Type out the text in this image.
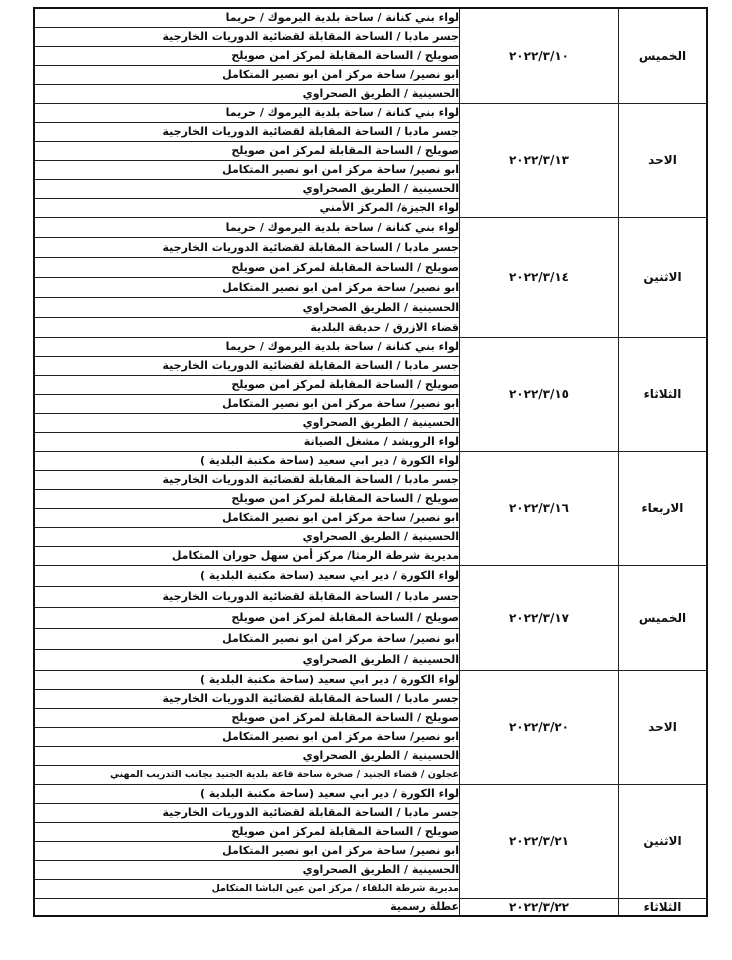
الخميس	٢٠٢٢/٣/١٠	لواء بني كنانة / ساحة بلدية اليرموك / حريما
		جسر مادبا / الساحة المقابلة لقضائية الدوريات الخارجية
		صويلح / الساحة المقابلة لمركز امن صويلح
		ابو نصير/ ساحة مركز امن ابو نصير المتكامل
		الحسينية / الطريق الصحراوي
الاحد	٢٠٢٢/٣/١٣	لواء بني كنانة / ساحة بلدية اليرموك / حريما
		جسر مادبا / الساحة المقابلة لقضائية الدوريات الخارجية
		صويلح / الساحة المقابلة لمركز امن صويلح
		ابو نصير/ ساحة مركز امن ابو نصير المتكامل
		الحسينية / الطريق الصحراوي
		لواء الجيزة/ المركز الأمني
الاثنين	٢٠٢٢/٣/١٤	لواء بني كنانة / ساحة بلدية اليرموك / حريما
		جسر مادبا / الساحة المقابلة لقضائية الدوريات الخارجية
		صويلح / الساحة المقابلة لمركز امن صويلح
		ابو نصير/ ساحة مركز امن ابو نصير المتكامل
		الحسينية / الطريق الصحراوي
		قضاء الازرق / حديقة البلدية
الثلاثاء	٢٠٢٢/٣/١٥	لواء بني كنانة / ساحة بلدية اليرموك / حريما
		جسر مادبا / الساحة المقابلة لقضائية الدوريات الخارجية
		صويلح / الساحة المقابلة لمركز امن صويلح
		ابو نصير/ ساحة مركز امن ابو نصير المتكامل
		الحسينية / الطريق الصحراوي
		لواء الرويشد / مشغل الصيانة
الاربعاء	٢٠٢٢/٣/١٦	لواء الكورة / دير ابي سعيد (ساحة مكتبة البلدية )
		جسر مادبا / الساحة المقابلة لقضائية الدوريات الخارجية
		صويلح / الساحة المقابلة لمركز امن صويلح
		ابو نصير/ ساحة مركز امن ابو نصير المتكامل
		الحسينية / الطريق الصحراوي
		مديرية شرطة الرمثا/ مركز أمن سهل حوران المتكامل
الخميس	٢٠٢٢/٣/١٧	لواء الكورة / دير ابي سعيد (ساحة مكتبة البلدية )
		جسر مادبا / الساحة المقابلة لقضائية الدوريات الخارجية
		صويلح / الساحة المقابلة لمركز امن صويلح
		ابو نصير/ ساحة مركز امن ابو نصير المتكامل
		الحسينية / الطريق الصحراوي
الاحد	٢٠٢٢/٣/٢٠	لواء الكورة / دير ابي سعيد (ساحة مكتبة البلدية )
		جسر مادبا / الساحة المقابلة لقضائية الدوريات الخارجية
		صويلح / الساحة المقابلة لمركز امن صويلح
		ابو نصير/ ساحة مركز امن ابو نصير المتكامل
		الحسينية / الطريق الصحراوي
		عجلون / قضاء الجنيد / صخرة ساحة قاعة بلدية الجنيد بجانب التدريب المهني
الاثنين	٢٠٢٢/٣/٢١	لواء الكورة / دير ابي سعيد (ساحة مكتبة البلدية )
		جسر مادبا / الساحة المقابلة لقضائية الدوريات الخارجية
		صويلح / الساحة المقابلة لمركز امن صويلح
		ابو نصير/ ساحة مركز امن ابو نصير المتكامل
		الحسينية / الطريق الصحراوي
		مديرية شرطة البلقاء / مركز امن عين الباشا المتكامل
الثلاثاء	٢٠٢٢/٣/٢٢	عطلة رسمية
